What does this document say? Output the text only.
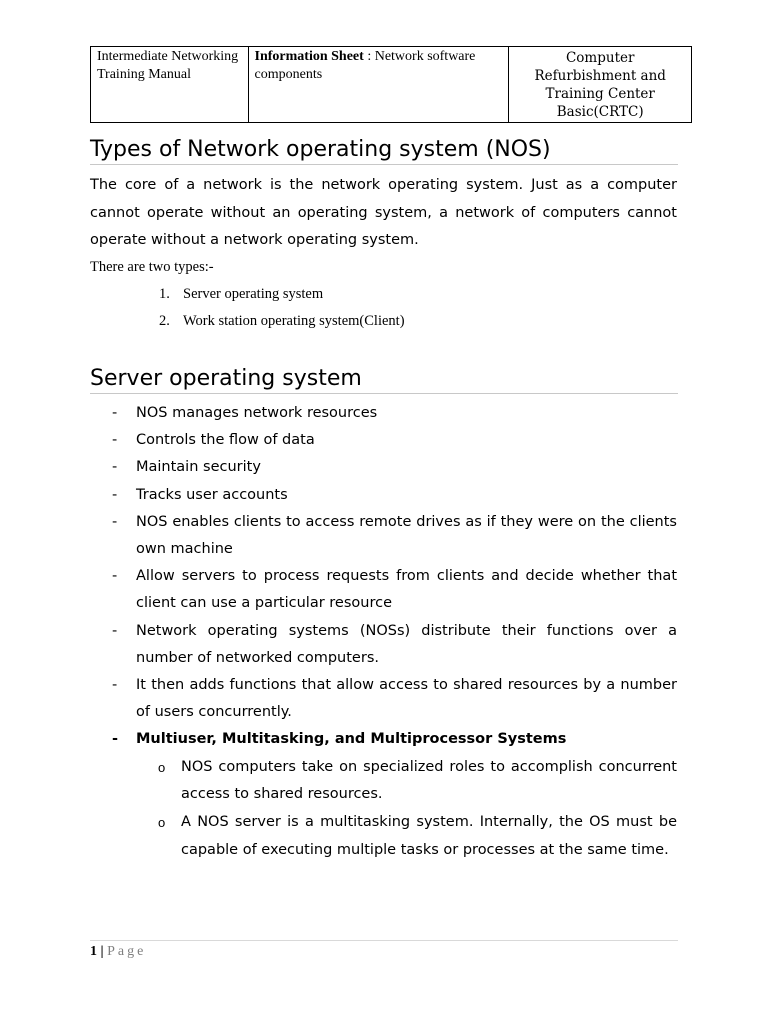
Intermediate Networking Training Manual	Information Sheet : Network software components	Computer Refurbishment and Training Center Basic(CRTC)
Types of Network operating system (NOS)

The core of a network is the network operating system. Just as a computer cannot operate without an operating system, a network of computers cannot operate without a network operating system.

There are two types:-

1. Server operating system
2. Work station operating system(Client)
Server operating system
- NOS manages network resources
- Controls the flow of data
- Maintain security
- Tracks user accounts
- NOS enables clients to access remote drives as if they were on the clients own machine
- Allow servers to process requests from clients and decide whether that client can use a particular resource
- Network operating systems (NOSs) distribute their functions over a number of networked computers.
- It then adds functions that allow access to shared resources by a number of users concurrently.
- Multiuser, Multitasking, and Multiprocessor Systems
o NOS computers take on specialized roles to accomplish concurrent access to shared resources.
o A NOS server is a multitasking system. Internally, the OS must be capable of executing multiple tasks or processes at the same time.
1 | Page
